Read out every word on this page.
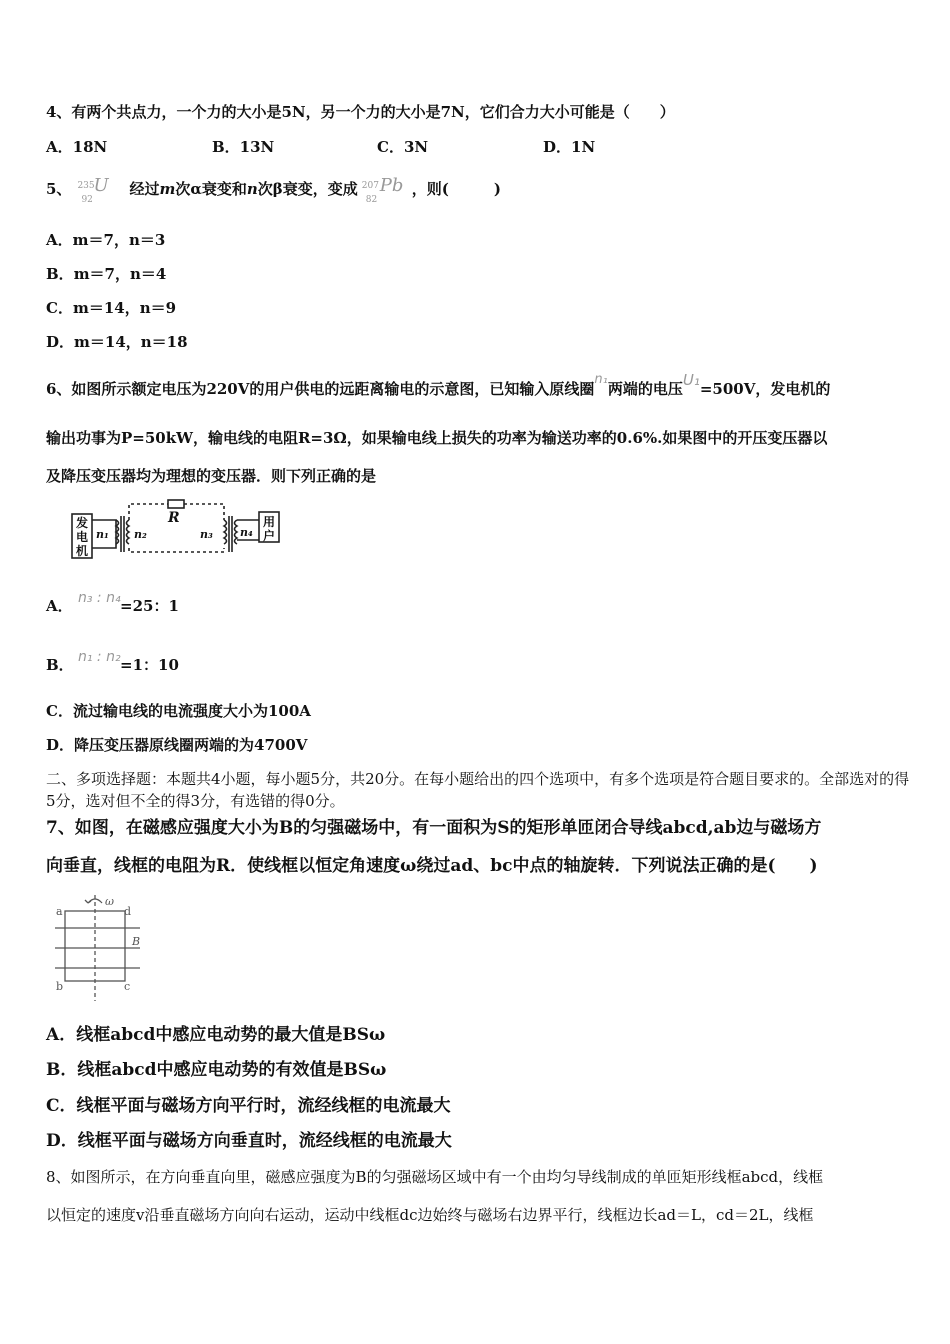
4、有两个共点力，一个力的大小是5N，另一个力的大小是7N，它们合力大小可能是（　　）
A．18N	B．13N	C．3N	D．1N
5、 235
92
U 经过 m 次α衰变和 n 次β衰变，变成 207
82
Pb ，则(　　　)
A．m＝7，n＝3
B．m＝7，n＝4
C．m＝14，n＝9
D．m＝14，n＝18
6、如图所示额定电压为220V的用户供电的远距离输电的示意图，已知输入原线圈
n₁
两端的电压 U₁ =500V，发电机的
输出功事为P=50kW，输电线的电阻R=3Ω，如果输电线上损失的功率为输送功率的0.6%.如果图中的开压变压器以
及降压变压器均为理想的变压器．则下列正确的是
发
电
机
n₁ n₂
R
n₃ n₄
用
户
A． n₃ : n₄ =25：1
B． n₁ : n₂ =1：10
C．流过输电线的电流强度大小为100A
D．降压变压器原线圈两端的为4700V
二、多项选择题：本题共4小题，每小题5分，共20分。在每小题给出的四个选项中，有多个选项是符合题目要求的。全部选对的得5分，选对但不全的得3分，有选错的得0分。
7、如图，在磁感应强度大小为B的匀强磁场中，有一面积为S的矩形单匝闭合导线abcd,ab边与磁场方
向垂直，线框的电阻为R．使线框以恒定角速度ω绕过ad、bc中点的轴旋转．下列说法正确的是(　　)
a
b	c
d
ω
B
A．线框abcd中感应电动势的最大值是BSω
B．线框abcd中感应电动势的有效值是BSω
C．线框平面与磁场方向平行时，流经线框的电流最大
D．线框平面与磁场方向垂直时，流经线框的电流最大
8、如图所示，在方向垂直向里，磁感应强度为B的匀强磁场区域中有一个由均匀导线制成的单匝矩形线框abcd，线框
以恒定的速度v沿垂直磁场方向向右运动，运动中线框dc边始终与磁场右边界平行，线框边长ad＝L，cd＝2L，线框
